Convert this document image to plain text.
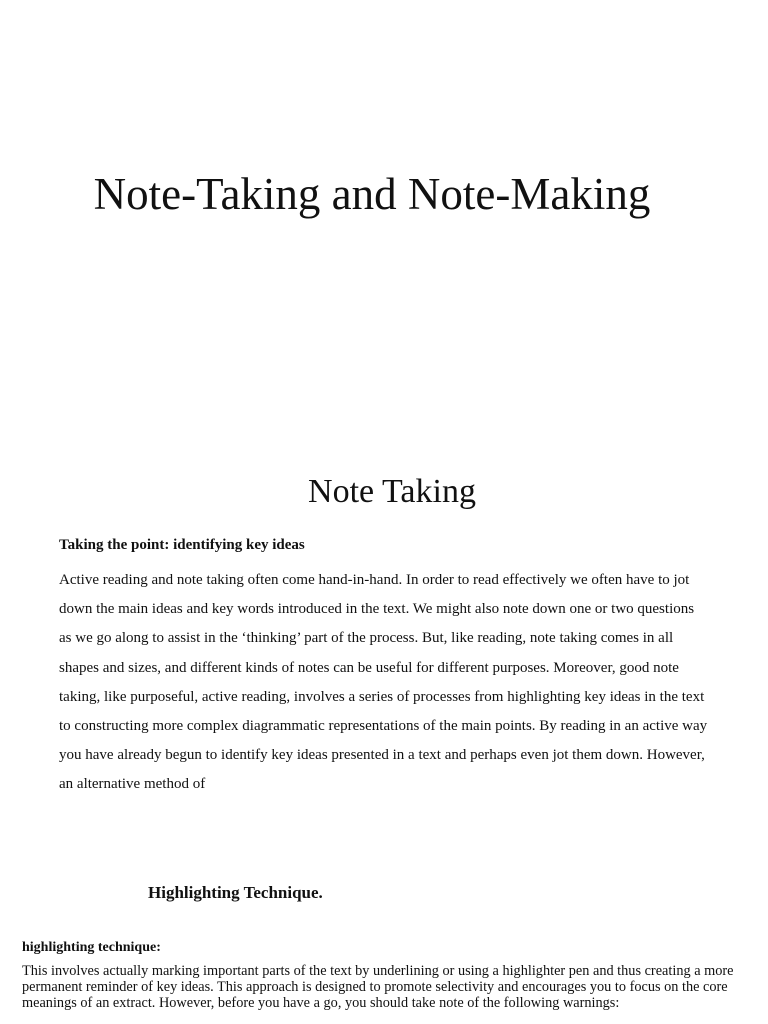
Note-Taking and Note-Making
Note Taking

Taking the point: identifying key ideas

Active reading and note taking often come hand-in-hand. In order to read effectively we often have to jot down the main ideas and key words introduced in the text. We might also note down one or two questions as we go along to assist in the ‘thinking’ part of the process. But, like reading, note taking comes in all shapes and sizes, and different kinds of notes can be useful for different purposes. Moreover, good note taking, like purposeful, active reading, involves a series of processes from highlighting key ideas in the text to constructing more complex diagrammatic representations of the main points. By reading in an active way you have already begun to identify key ideas presented in a text and perhaps even jot them down. However, an alternative method of

Highlighting Technique.

highlighting technique:

This involves actually marking important parts of the text by underlining or using a highlighter pen and thus creating a more permanent reminder of key ideas. This approach is designed to promote selectivity and encourages you to focus on the core meanings of an extract. However, before you have a go, you should take note of the following warnings:
